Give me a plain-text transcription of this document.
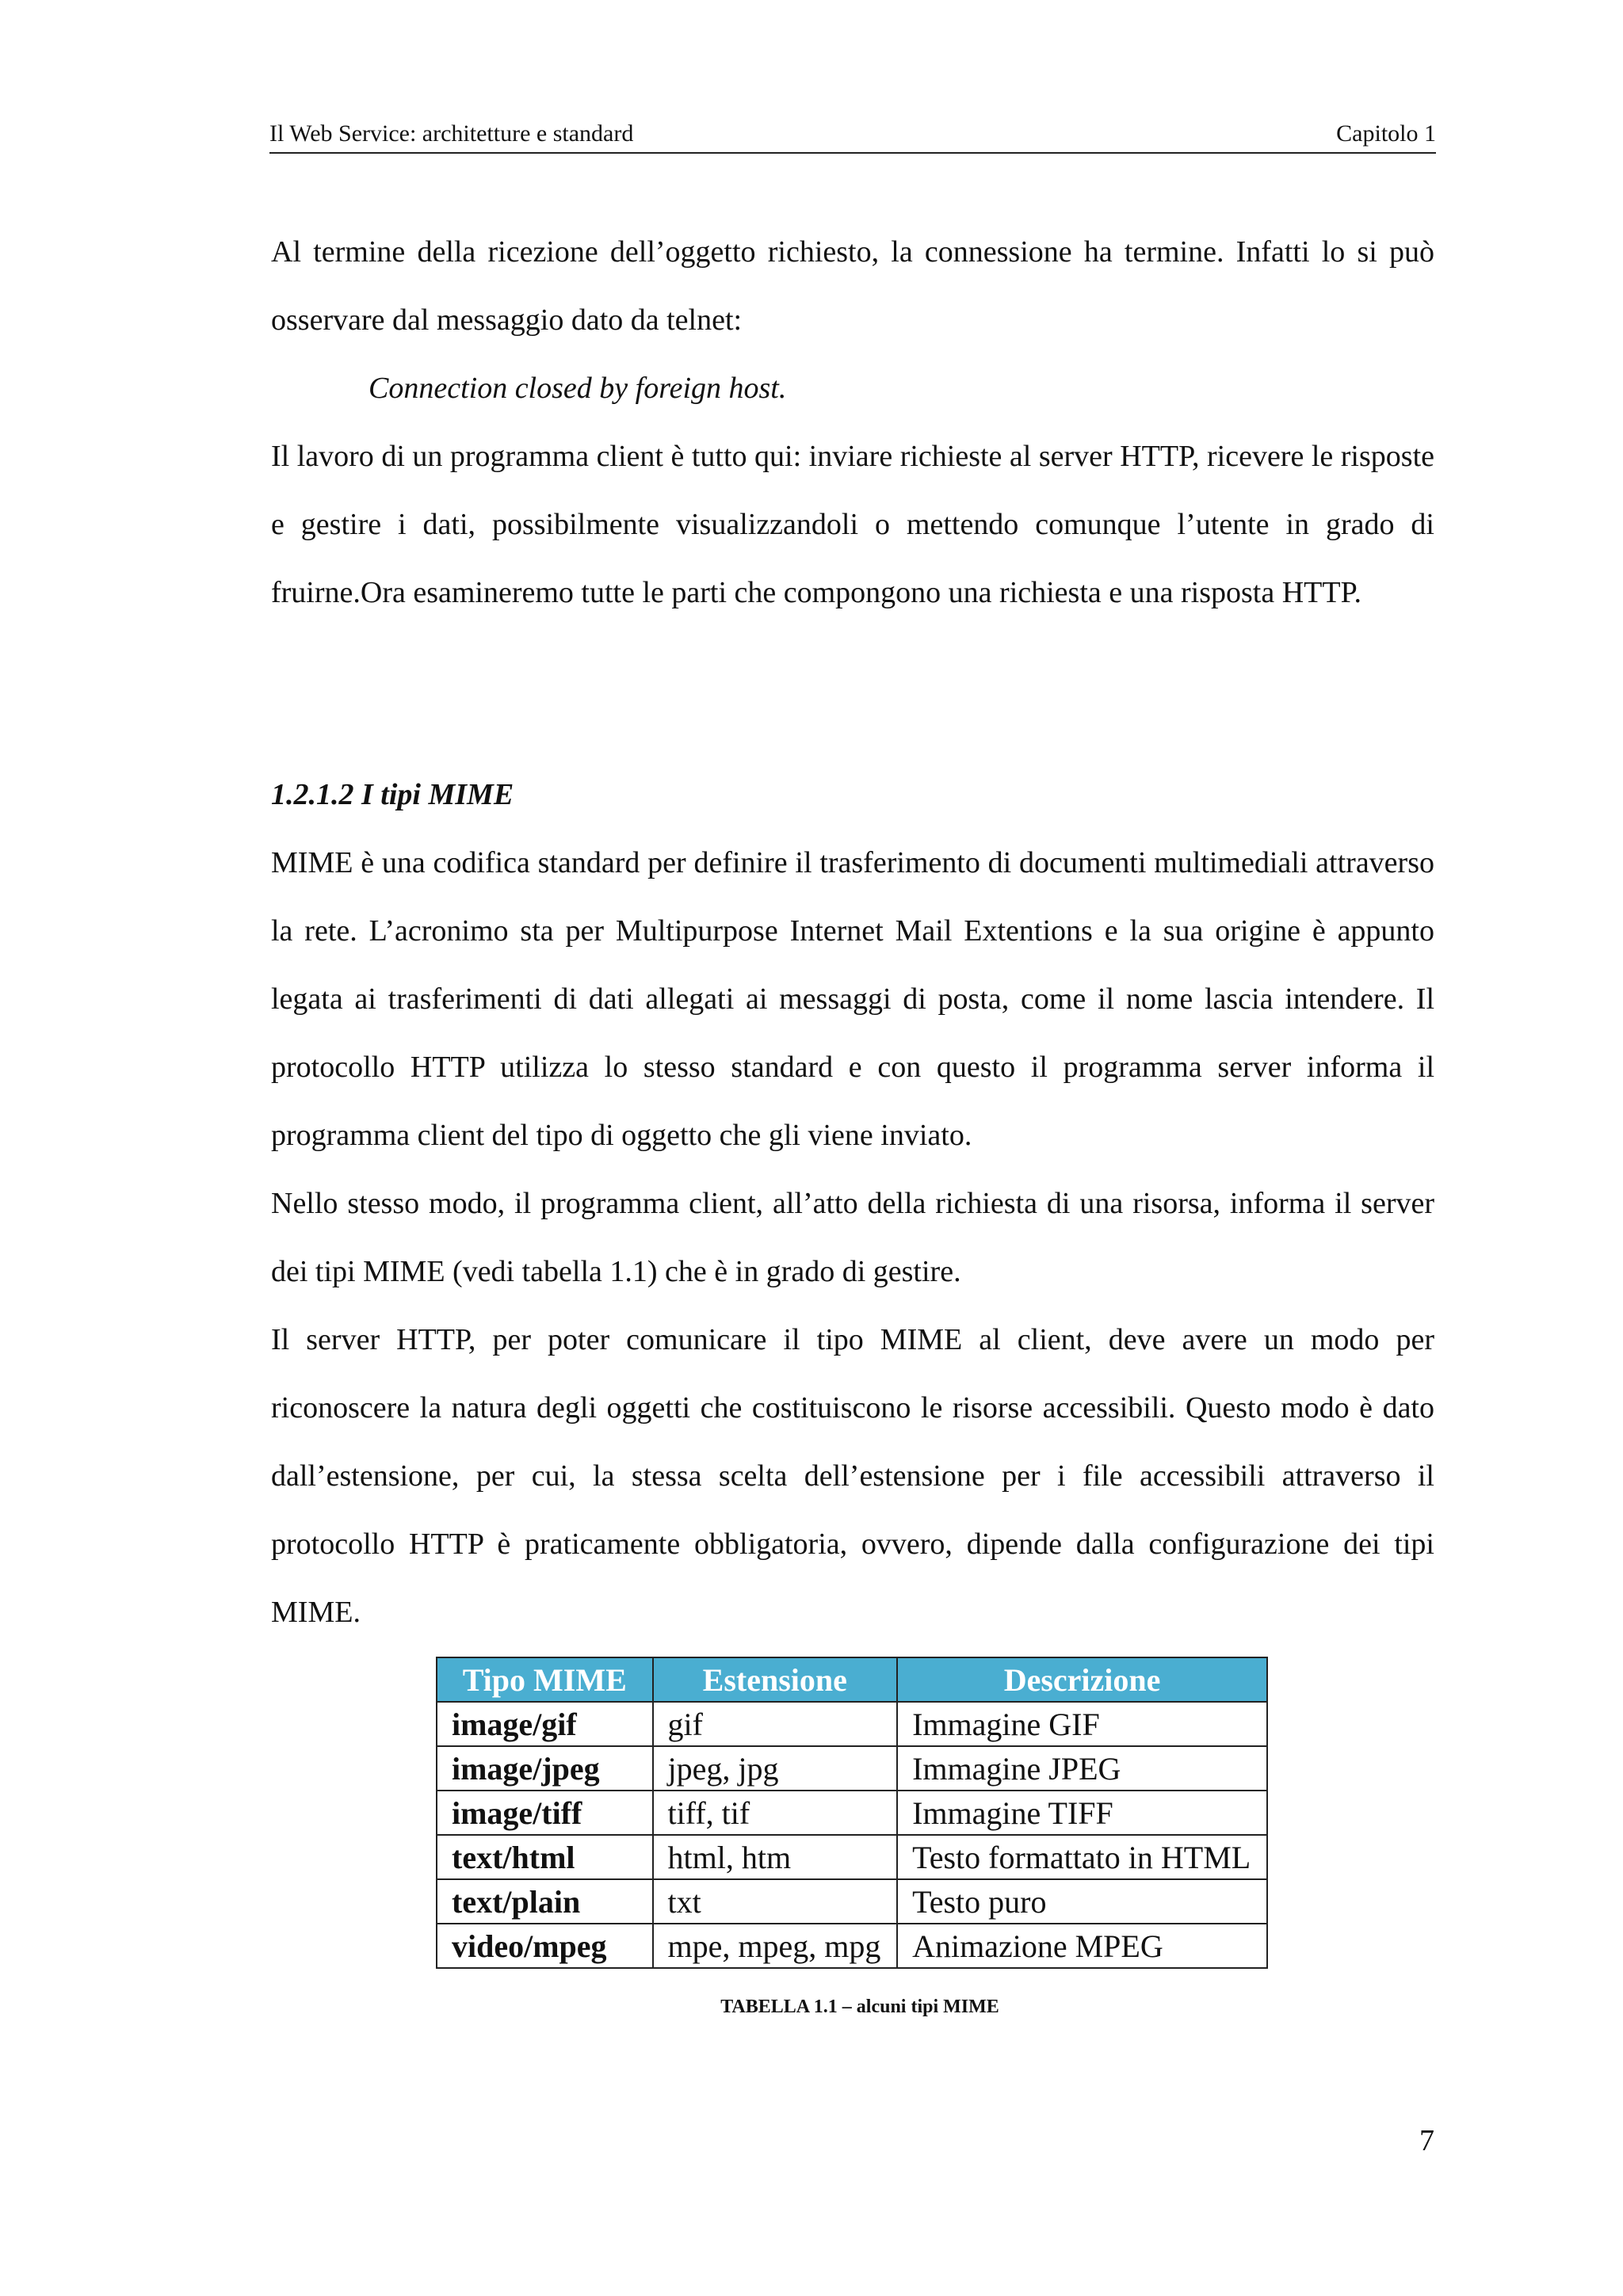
Il Web Service: architetture e standard	Capitolo 1
Al termine della ricezione dell’oggetto richiesto, la connessione ha termine. Infatti lo si può osservare dal messaggio dato da telnet:
Connection closed by foreign host.
Il lavoro di un programma client è tutto qui: inviare richieste al server HTTP, ricevere le risposte e gestire i dati, possibilmente visualizzandoli o mettendo comunque l’utente in grado di fruirne.Ora esamineremo tutte le parti che compongono una richiesta e una risposta HTTP.
1.2.1.2 I tipi MIME
MIME è una codifica standard per definire il trasferimento di documenti multimediali attraverso la rete. L’acronimo sta per Multipurpose Internet Mail Extentions e la sua origine è appunto legata ai trasferimenti di dati allegati ai messaggi di posta, come il nome lascia intendere. Il protocollo HTTP utilizza lo stesso standard e con questo il programma server informa il programma client del tipo di oggetto che gli viene inviato.
Nello stesso modo, il programma client, all’atto della richiesta di una risorsa, informa il server dei tipi MIME (vedi tabella 1.1) che è in grado di gestire.
Il server HTTP, per poter comunicare il tipo MIME al client, deve avere un modo per riconoscere la natura degli oggetti che costituiscono le risorse accessibili. Questo modo è dato dall’estensione, per cui, la stessa scelta dell’estensione per i file accessibili attraverso il protocollo HTTP è praticamente obbligatoria, ovvero, dipende dalla configurazione dei tipi MIME.
Tipo MIME	Estensione	Descrizione
image/gif	gif	Immagine GIF
image/jpeg	jpeg, jpg	Immagine JPEG
image/tiff	tiff, tif	Immagine TIFF
text/html	html, htm	Testo formattato in HTML
text/plain	txt	Testo puro
video/mpeg	mpe, mpeg, mpg	Animazione MPEG
TABELLA 1.1 – alcuni tipi MIME
7
